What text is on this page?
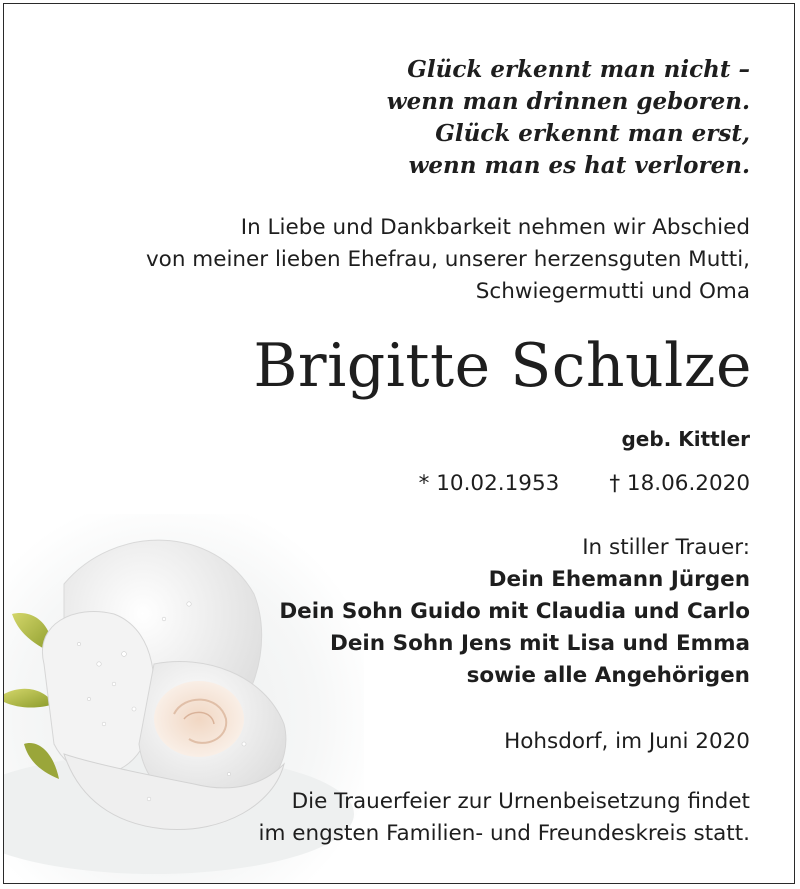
Glück erkennt man nicht –
wenn man drinnen geboren.
Glück erkennt man erst,
wenn man es hat verloren.
In Liebe und Dankbarkeit nehmen wir Abschied
von meiner lieben Ehefrau, unserer herzensguten Mutti,
Schwiegermutti und Oma
Brigitte Schulze
geb. Kittler
* 10.02.1953 † 18.06.2020
In stiller Trauer:
Dein Ehemann Jürgen
Dein Sohn Guido mit Claudia und Carlo
Dein Sohn Jens mit Lisa und Emma
sowie alle Angehörigen
Hohsdorf, im Juni 2020
Die Trauerfeier zur Urnenbeisetzung findet
im engsten Familien- und Freundeskreis statt.
